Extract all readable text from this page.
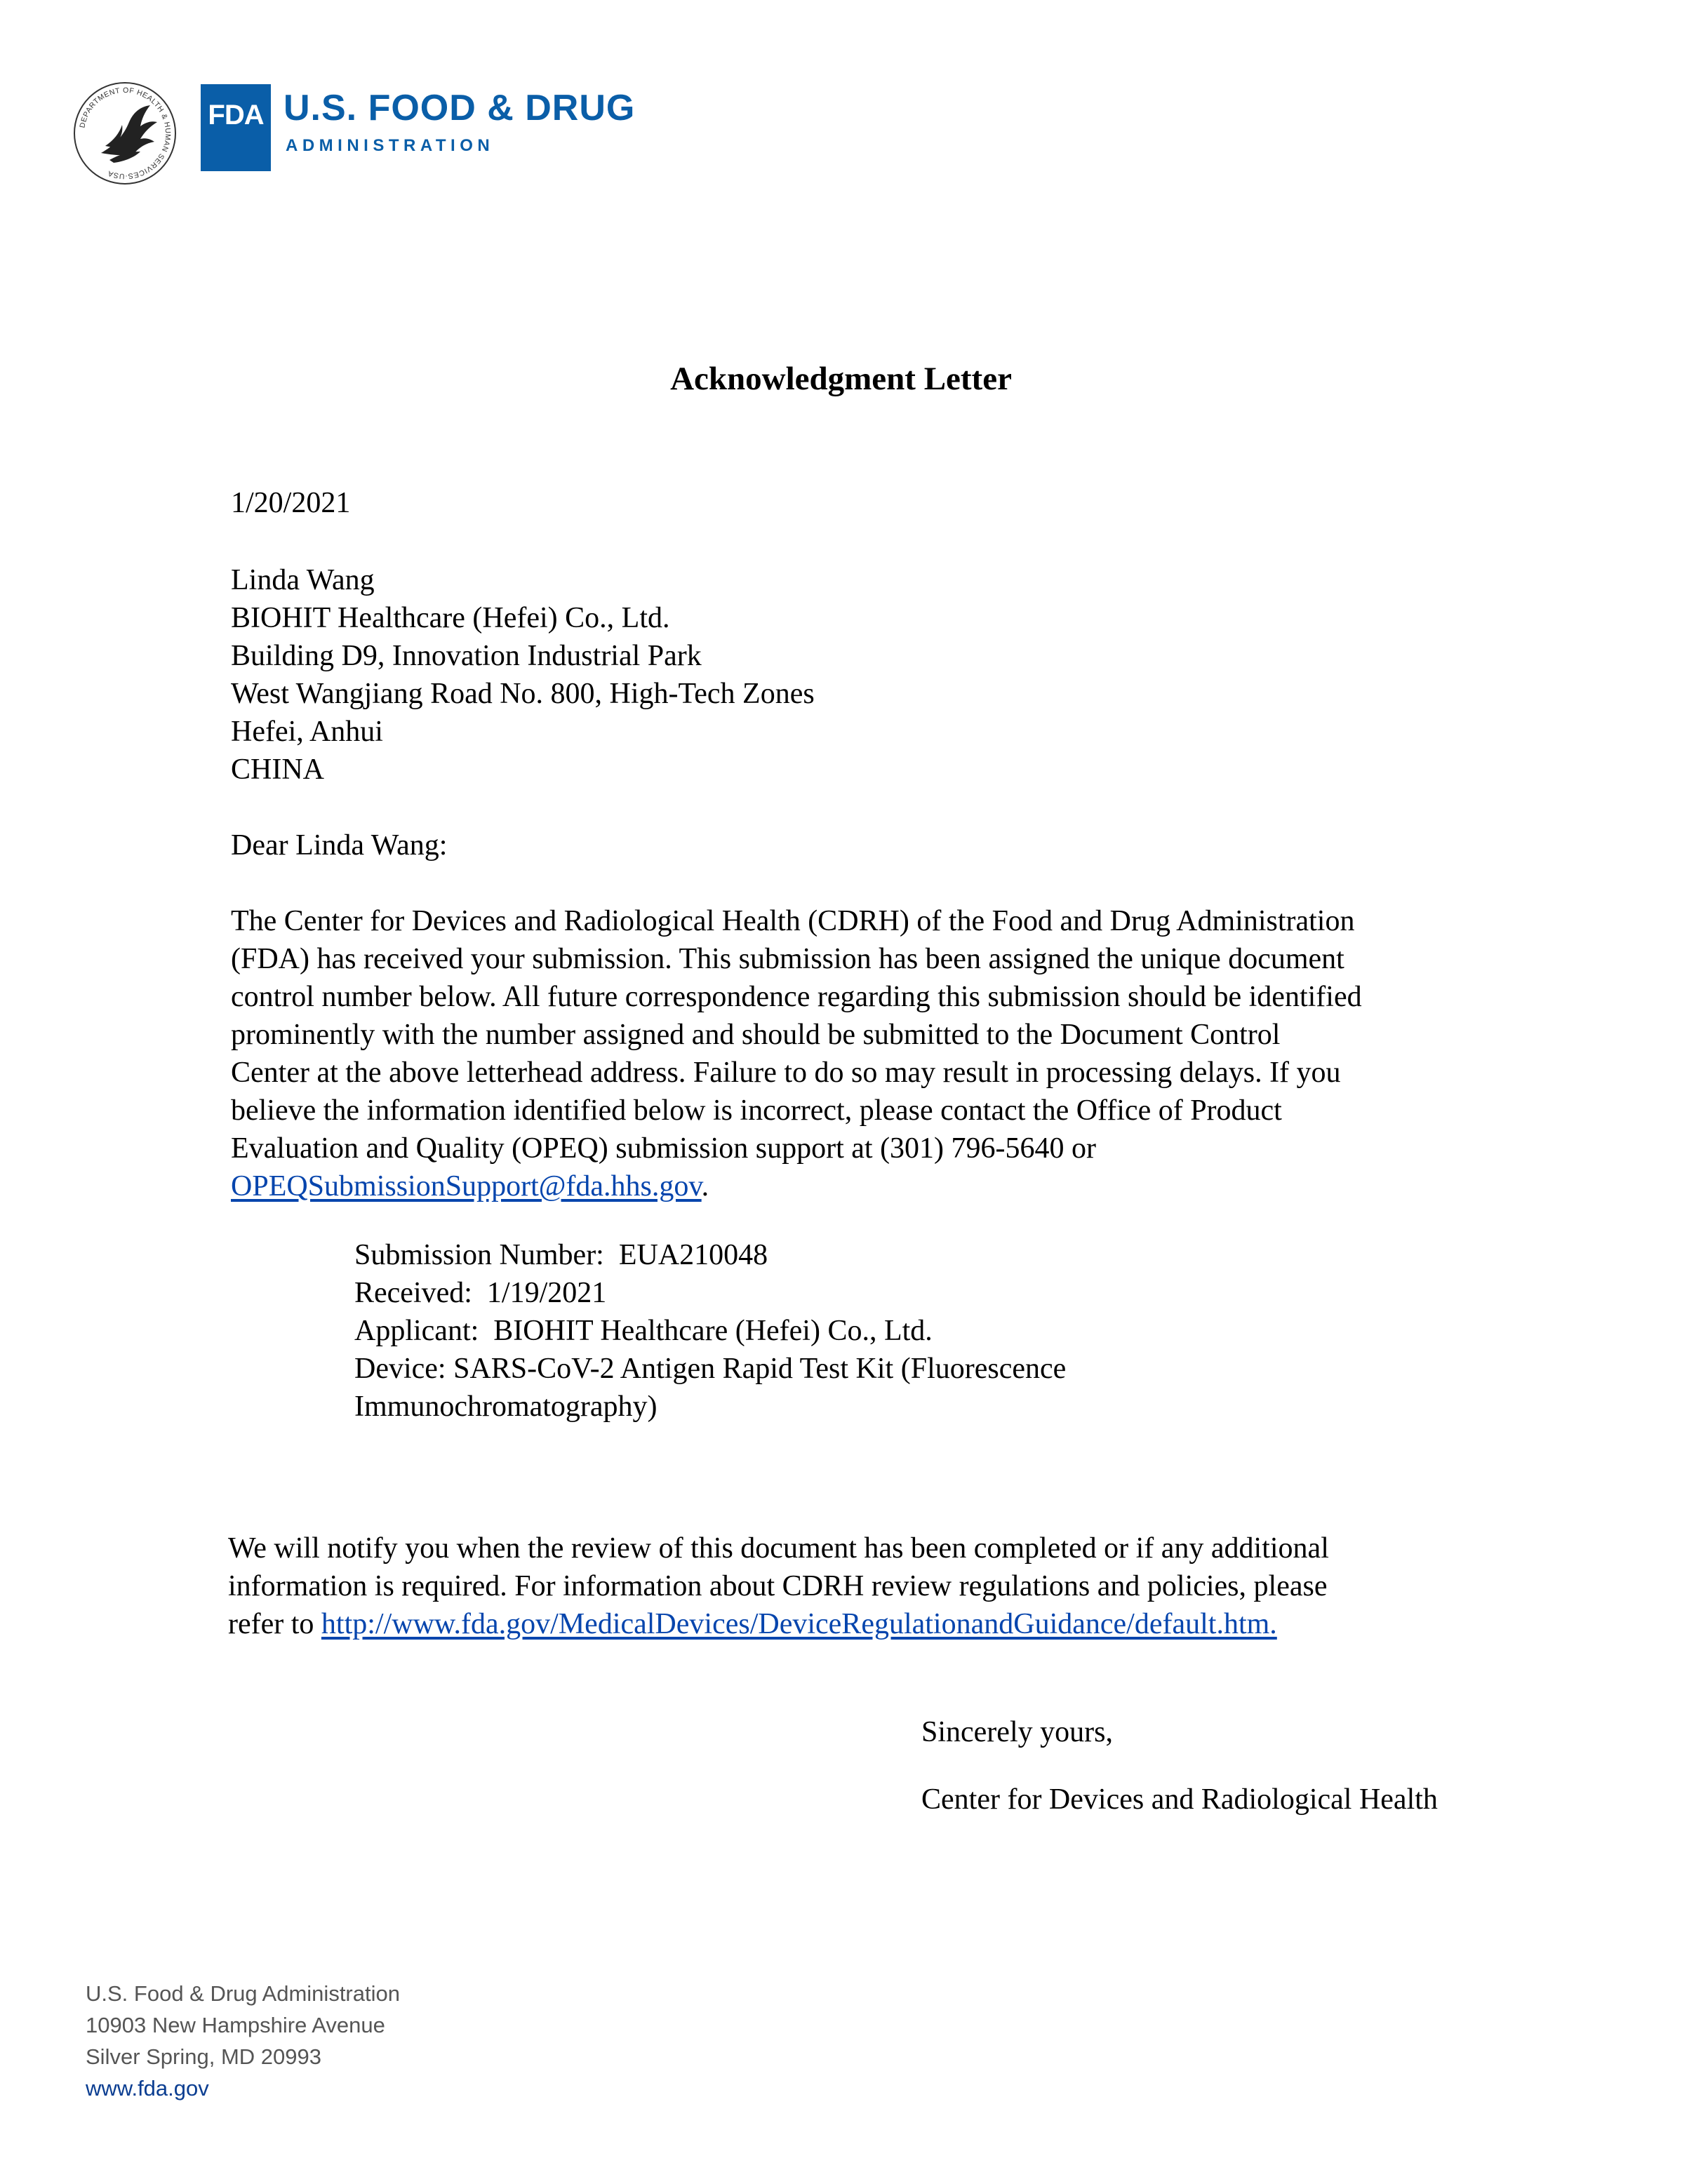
DEPARTMENT OF HEALTH & HUMAN SERVICES·USA
FDA U.S. FOOD & DRUG
ADMINISTRATION
Acknowledgment Letter
1/20/2021
Linda Wang
BIOHIT Healthcare (Hefei) Co., Ltd.
Building D9, Innovation Industrial Park
West Wangjiang Road No. 800, High-Tech Zones
Hefei, Anhui
CHINA
Dear Linda Wang:
The Center for Devices and Radiological Health (CDRH) of the Food and Drug Administration
(FDA) has received your submission. This submission has been assigned the unique document
control number below. All future correspondence regarding this submission should be identified
prominently with the number assigned and should be submitted to the Document Control
Center at the above letterhead address. Failure to do so may result in processing delays. If you
believe the information identified below is incorrect, please contact the Office of Product
Evaluation and Quality (OPEQ) submission support at (301) 796-5640 or
OPEQSubmissionSupport@fda.hhs.gov.
Submission Number: EUA210048
Received: 1/19/2021
Applicant: BIOHIT Healthcare (Hefei) Co., Ltd.
Device: SARS-CoV-2 Antigen Rapid Test Kit (Fluorescence
Immunochromatography)
We will notify you when the review of this document has been completed or if any additional
information is required. For information about CDRH review regulations and policies, please
refer to http://www.fda.gov/MedicalDevices/DeviceRegulationandGuidance/default.htm.
Sincerely yours,
Center for Devices and Radiological Health
U.S. Food & Drug Administration
10903 New Hampshire Avenue
Silver Spring, MD 20993
www.fda.gov
